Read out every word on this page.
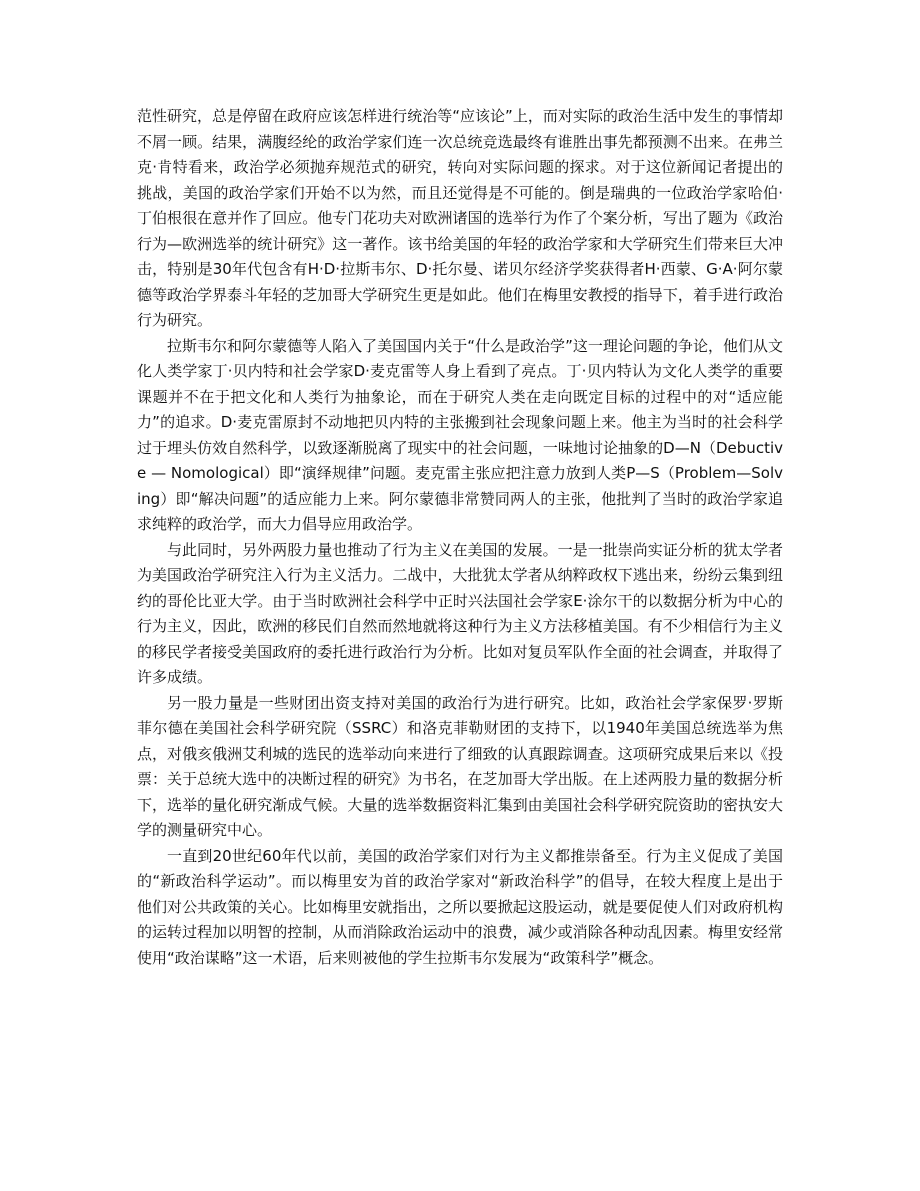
范性研究，总是停留在政府应该怎样进行统治等“应该论”上，而对实际的政治生活中发生的事情却不屑一顾。结果，满腹经纶的政治学家们连一次总统竞选最终有谁胜出事先都预测不出来。在弗兰克·肯特看来，政治学必须抛弃规范式的研究，转向对实际问题的探求。对于这位新闻记者提出的挑战，美国的政治学家们开始不以为然，而且还觉得是不可能的。倒是瑞典的一位政治学家哈伯·丁伯根很在意并作了回应。他专门花功夫对欧洲诸国的选举行为作了个案分析，写出了题为《政治行为—欧洲选举的统计研究》这一著作。该书给美国的年轻的政治学家和大学研究生们带来巨大冲击，特别是30年代包含有H·D·拉斯韦尔、D·托尔曼、诺贝尔经济学奖获得者H·西蒙、G·A·阿尔蒙德等政治学界泰斗年轻的芝加哥大学研究生更是如此。他们在梅里安教授的指导下，着手进行政治行为研究。

拉斯韦尔和阿尔蒙德等人陷入了美国国内关于“什么是政治学”这一理论问题的争论，他们从文化人类学家丁·贝内特和社会学家D·麦克雷等人身上看到了亮点。丁·贝内特认为文化人类学的重要课题并不在于把文化和人类行为抽象论，而在于研究人类在走向既定目标的过程中的对“适应能力”的追求。D·麦克雷原封不动地把贝内特的主张搬到社会现象问题上来。他主为当时的社会科学过于埋头仿效自然科学，以致逐渐脱离了现实中的社会问题，一味地讨论抽象的D—N（Debuctive — Nomological）即“演绎规律”问题。麦克雷主张应把注意力放到人类P—S（Problem—Solving）即“解决问题”的适应能力上来。阿尔蒙德非常赞同两人的主张，他批判了当时的政治学家追求纯粹的政治学，而大力倡导应用政治学。

与此同时，另外两股力量也推动了行为主义在美国的发展。一是一批崇尚实证分析的犹太学者为美国政治学研究注入行为主义活力。二战中，大批犹太学者从纳粹政权下逃出来，纷纷云集到纽约的哥伦比亚大学。由于当时欧洲社会科学中正时兴法国社会学家E·涂尔干的以数据分析为中心的行为主义，因此，欧洲的移民们自然而然地就将这种行为主义方法移植美国。有不少相信行为主义的移民学者接受美国政府的委托进行政治行为分析。比如对复员军队作全面的社会调查，并取得了许多成绩。

另一股力量是一些财团出资支持对美国的政治行为进行研究。比如，政治社会学家保罗·罗斯菲尔德在美国社会科学研究院（SSRC）和洛克菲勒财团的支持下，以1940年美国总统选举为焦点，对俄亥俄洲艾利城的选民的选举动向来进行了细致的认真跟踪调查。这项研究成果后来以《投票：关于总统大选中的决断过程的研究》为书名，在芝加哥大学出版。在上述两股力量的数据分析下，选举的量化研究渐成气候。大量的选举数据资料汇集到由美国社会科学研究院资助的密执安大学的测量研究中心。

一直到20世纪60年代以前，美国的政治学家们对行为主义都推崇备至。行为主义促成了美国的“新政治科学运动”。而以梅里安为首的政治学家对“新政治科学”的倡导，在较大程度上是出于他们对公共政策的关心。比如梅里安就指出，之所以要掀起这股运动，就是要促使人们对政府机构的运转过程加以明智的控制，从而消除政治运动中的浪费，减少或消除各种动乱因素。梅里安经常使用“政治谋略”这一术语，后来则被他的学生拉斯韦尔发展为“政策科学”概念。
